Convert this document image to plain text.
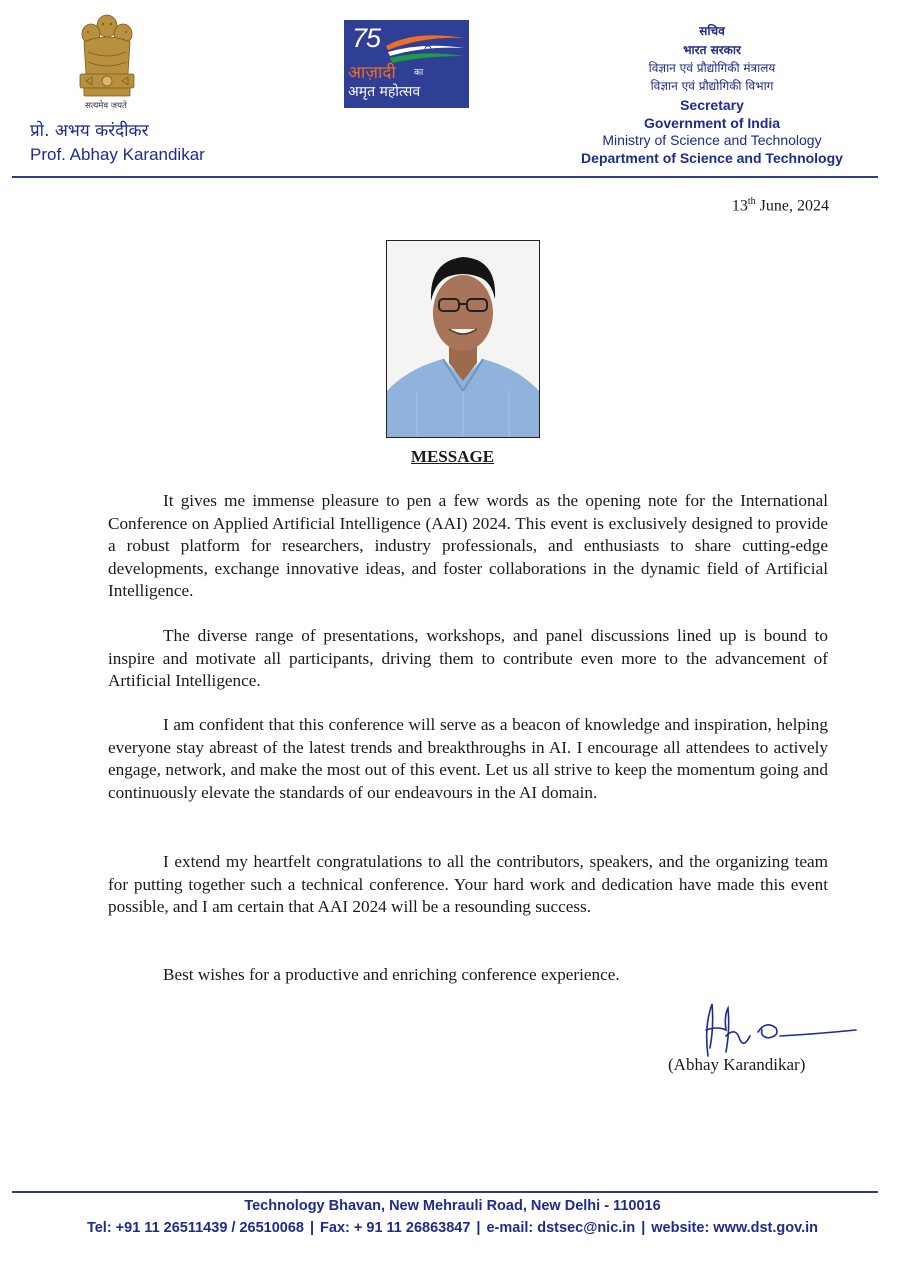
सत्यमेव जयते
प्रो. अभय करंदीकर
Prof. Abhay Karandikar
75
आज़ादी का
अमृत महोत्सव
सचिव
भारत सरकार
विज्ञान एवं प्रौद्योगिकी मंत्रालय
विज्ञान एवं प्रौद्योगिकी विभाग
Secretary
Government of India
Ministry of Science and Technology
Department of Science and Technology
13th June, 2024
MESSAGE

It gives me immense pleasure to pen a few words as the opening note for the International Conference on Applied Artificial Intelligence (AAI) 2024. This event is exclusively designed to provide a robust platform for researchers, industry professionals, and enthusiasts to share cutting-edge developments, exchange innovative ideas, and foster collaborations in the dynamic field of Artificial Intelligence.

The diverse range of presentations, workshops, and panel discussions lined up is bound to inspire and motivate all participants, driving them to contribute even more to the advancement of Artificial Intelligence.

I am confident that this conference will serve as a beacon of knowledge and inspiration, helping everyone stay abreast of the latest trends and breakthroughs in AI. I encourage all attendees to actively engage, network, and make the most out of this event. Let us all strive to keep the momentum going and continuously elevate the standards of our endeavours in the AI domain.

I extend my heartfelt congratulations to all the contributors, speakers, and the organizing team for putting together such a technical conference. Your hard work and dedication have made this event possible, and I am certain that AAI 2024 will be a resounding success.

Best wishes for a productive and enriching conference experience.

(Abhay Karandikar)
Technology Bhavan, New Mehrauli Road, New Delhi - 110016
Tel: +91 11 26511439 / 26510068 | Fax: + 91 11 26863847 | e-mail: dstsec@nic.in | website: www.dst.gov.in
